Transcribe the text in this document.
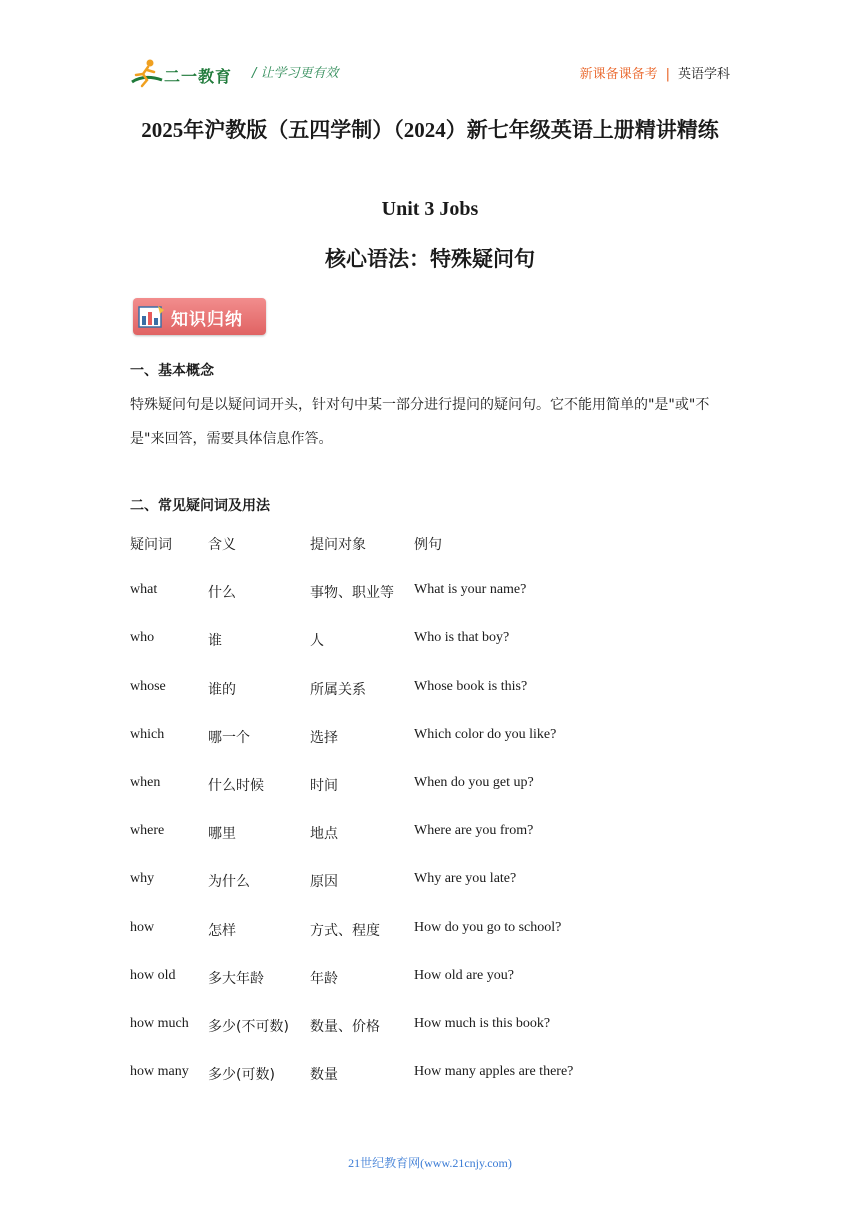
二一教育 / 让学习更有效	新课备课备考 | 英语学科
2025年沪教版（五四学制）（2024）新七年级英语上册精讲精练
Unit 3 Jobs
核心语法：特殊疑问句
知识归纳
一、基本概念
特殊疑问句是以疑问词开头，针对句中某一部分进行提问的疑问句。它不能用简单的"是"或"不是"来回答，需要具体信息作答。
二、常见疑问词及用法
疑问词	含义	提问对象	例句
what	什么	事物、职业等 What is your name?
who	谁	人	Who is that boy?
whose	谁的	所属关系	Whose book is this?
which	哪一个	选择	Which color do you like?
when	什么时候	时间	When do you get up?
where	哪里	地点	Where are you from?
why	为什么	原因	Why are you late?
how	怎样	方式、程度 How do you go to school?
how old 多大年龄	年龄	How old are you?
how much 多少(不可数) 数量、价格 How much is this book?
how many 多少(可数)	数量	How many apples are there?
21世纪教育网(www.21cnjy.com)
